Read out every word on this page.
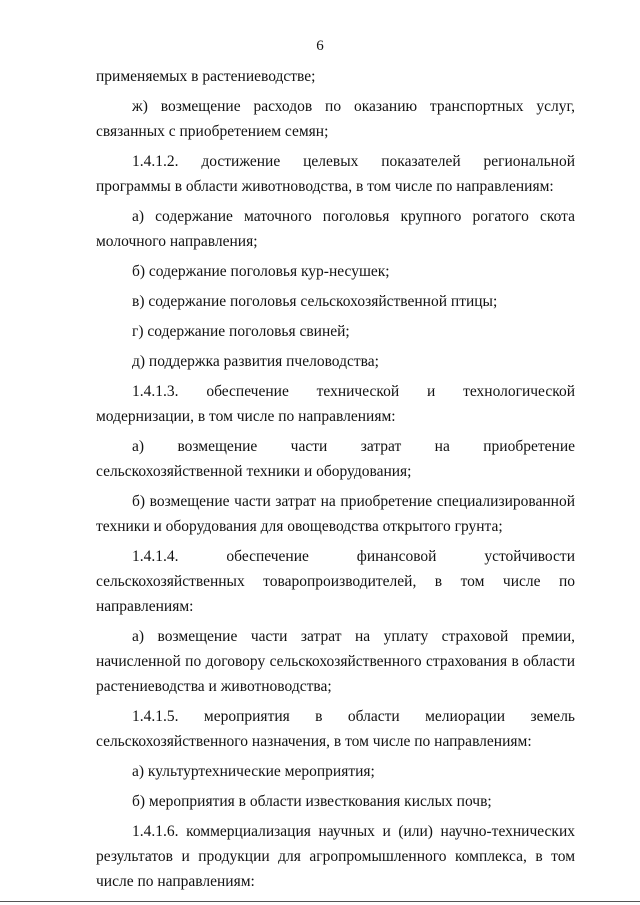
6

применяемых в растениеводстве;

ж) возмещение расходов по оказанию транспортных услуг, связанных с приобретением семян;

1.4.1.2. достижение целевых показателей региональной программы в области животноводства, в том числе по направлениям:

а) содержание маточного поголовья крупного рогатого скота молочного направления;

б) содержание поголовья кур-несушек;

в) содержание поголовья сельскохозяйственной птицы;

г) содержание поголовья свиней;

д) поддержка развития пчеловодства;

1.4.1.3. обеспечение технической и технологической модернизации, в том числе по направлениям:

а) возмещение части затрат на приобретение сельскохозяйственной техники и оборудования;

б) возмещение части затрат на приобретение специализированной техники и оборудования для овощеводства открытого грунта;

1.4.1.4. обеспечение финансовой устойчивости
сельскохозяйственных товаропроизводителей, в том числе по
направлениям:

а) возмещение части затрат на уплату страховой премии, начисленной по договору сельскохозяйственного страхования в области растениеводства и животноводства;

1.4.1.5. мероприятия в области мелиорации земель
сельскохозяйственного назначения, в том числе по направлениям:

а) культуртехнические мероприятия;

б) мероприятия в области известкования кислых почв;

1.4.1.6. коммерциализация научных и (или) научно-технических результатов и продукции для агропромышленного комплекса, в том числе по направлениям:
